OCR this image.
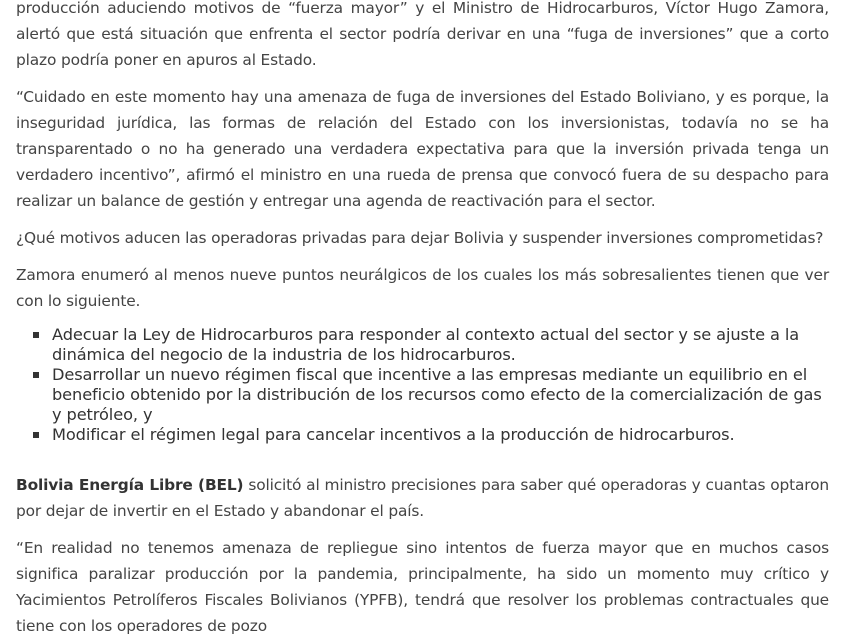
producción aduciendo motivos de “fuerza mayor” y el Ministro de Hidrocarburos, Víctor Hugo Zamora, alertó que está situación que enfrenta el sector podría derivar en una “fuga de inversiones” que a corto plazo podría poner en apuros al Estado.

“Cuidado en este momento hay una amenaza de fuga de inversiones del Estado Boliviano, y es porque, la inseguridad jurídica, las formas de relación del Estado con los inversionistas, todavía no se ha transparentado o no ha generado una verdadera expectativa para que la inversión privada tenga un verdadero incentivo”, afirmó el ministro en una rueda de prensa que convocó fuera de su despacho para realizar un balance de gestión y entregar una agenda de reactivación para el sector.

¿Qué motivos aducen las operadoras privadas para dejar Bolivia y suspender inversiones comprometidas?

Zamora enumeró al menos nueve puntos neurálgicos de los cuales los más sobresalientes tienen que ver con lo siguiente.

Adecuar la Ley de Hidrocarburos para responder al contexto actual del sector y se ajuste a la dinámica del negocio de la industria de los hidrocarburos.
Desarrollar un nuevo régimen fiscal que incentive a las empresas mediante un equilibrio en el beneficio obtenido por la distribución de los recursos como efecto de la comercialización de gas y petróleo, y
Modificar el régimen legal para cancelar incentivos a la producción de hidrocarburos.

Bolivia Energía Libre (BEL) solicitó al ministro precisiones para saber qué operadoras y cuantas optaron por dejar de invertir en el Estado y abandonar el país.

“En realidad no tenemos amenaza de repliegue sino intentos de fuerza mayor que en muchos casos significa paralizar producción por la pandemia, principalmente, ha sido un momento muy crítico y Yacimientos Petrolíferos Fiscales Bolivianos (YPFB), tendrá que resolver los problemas contractuales que tiene con los operadores de pozo
